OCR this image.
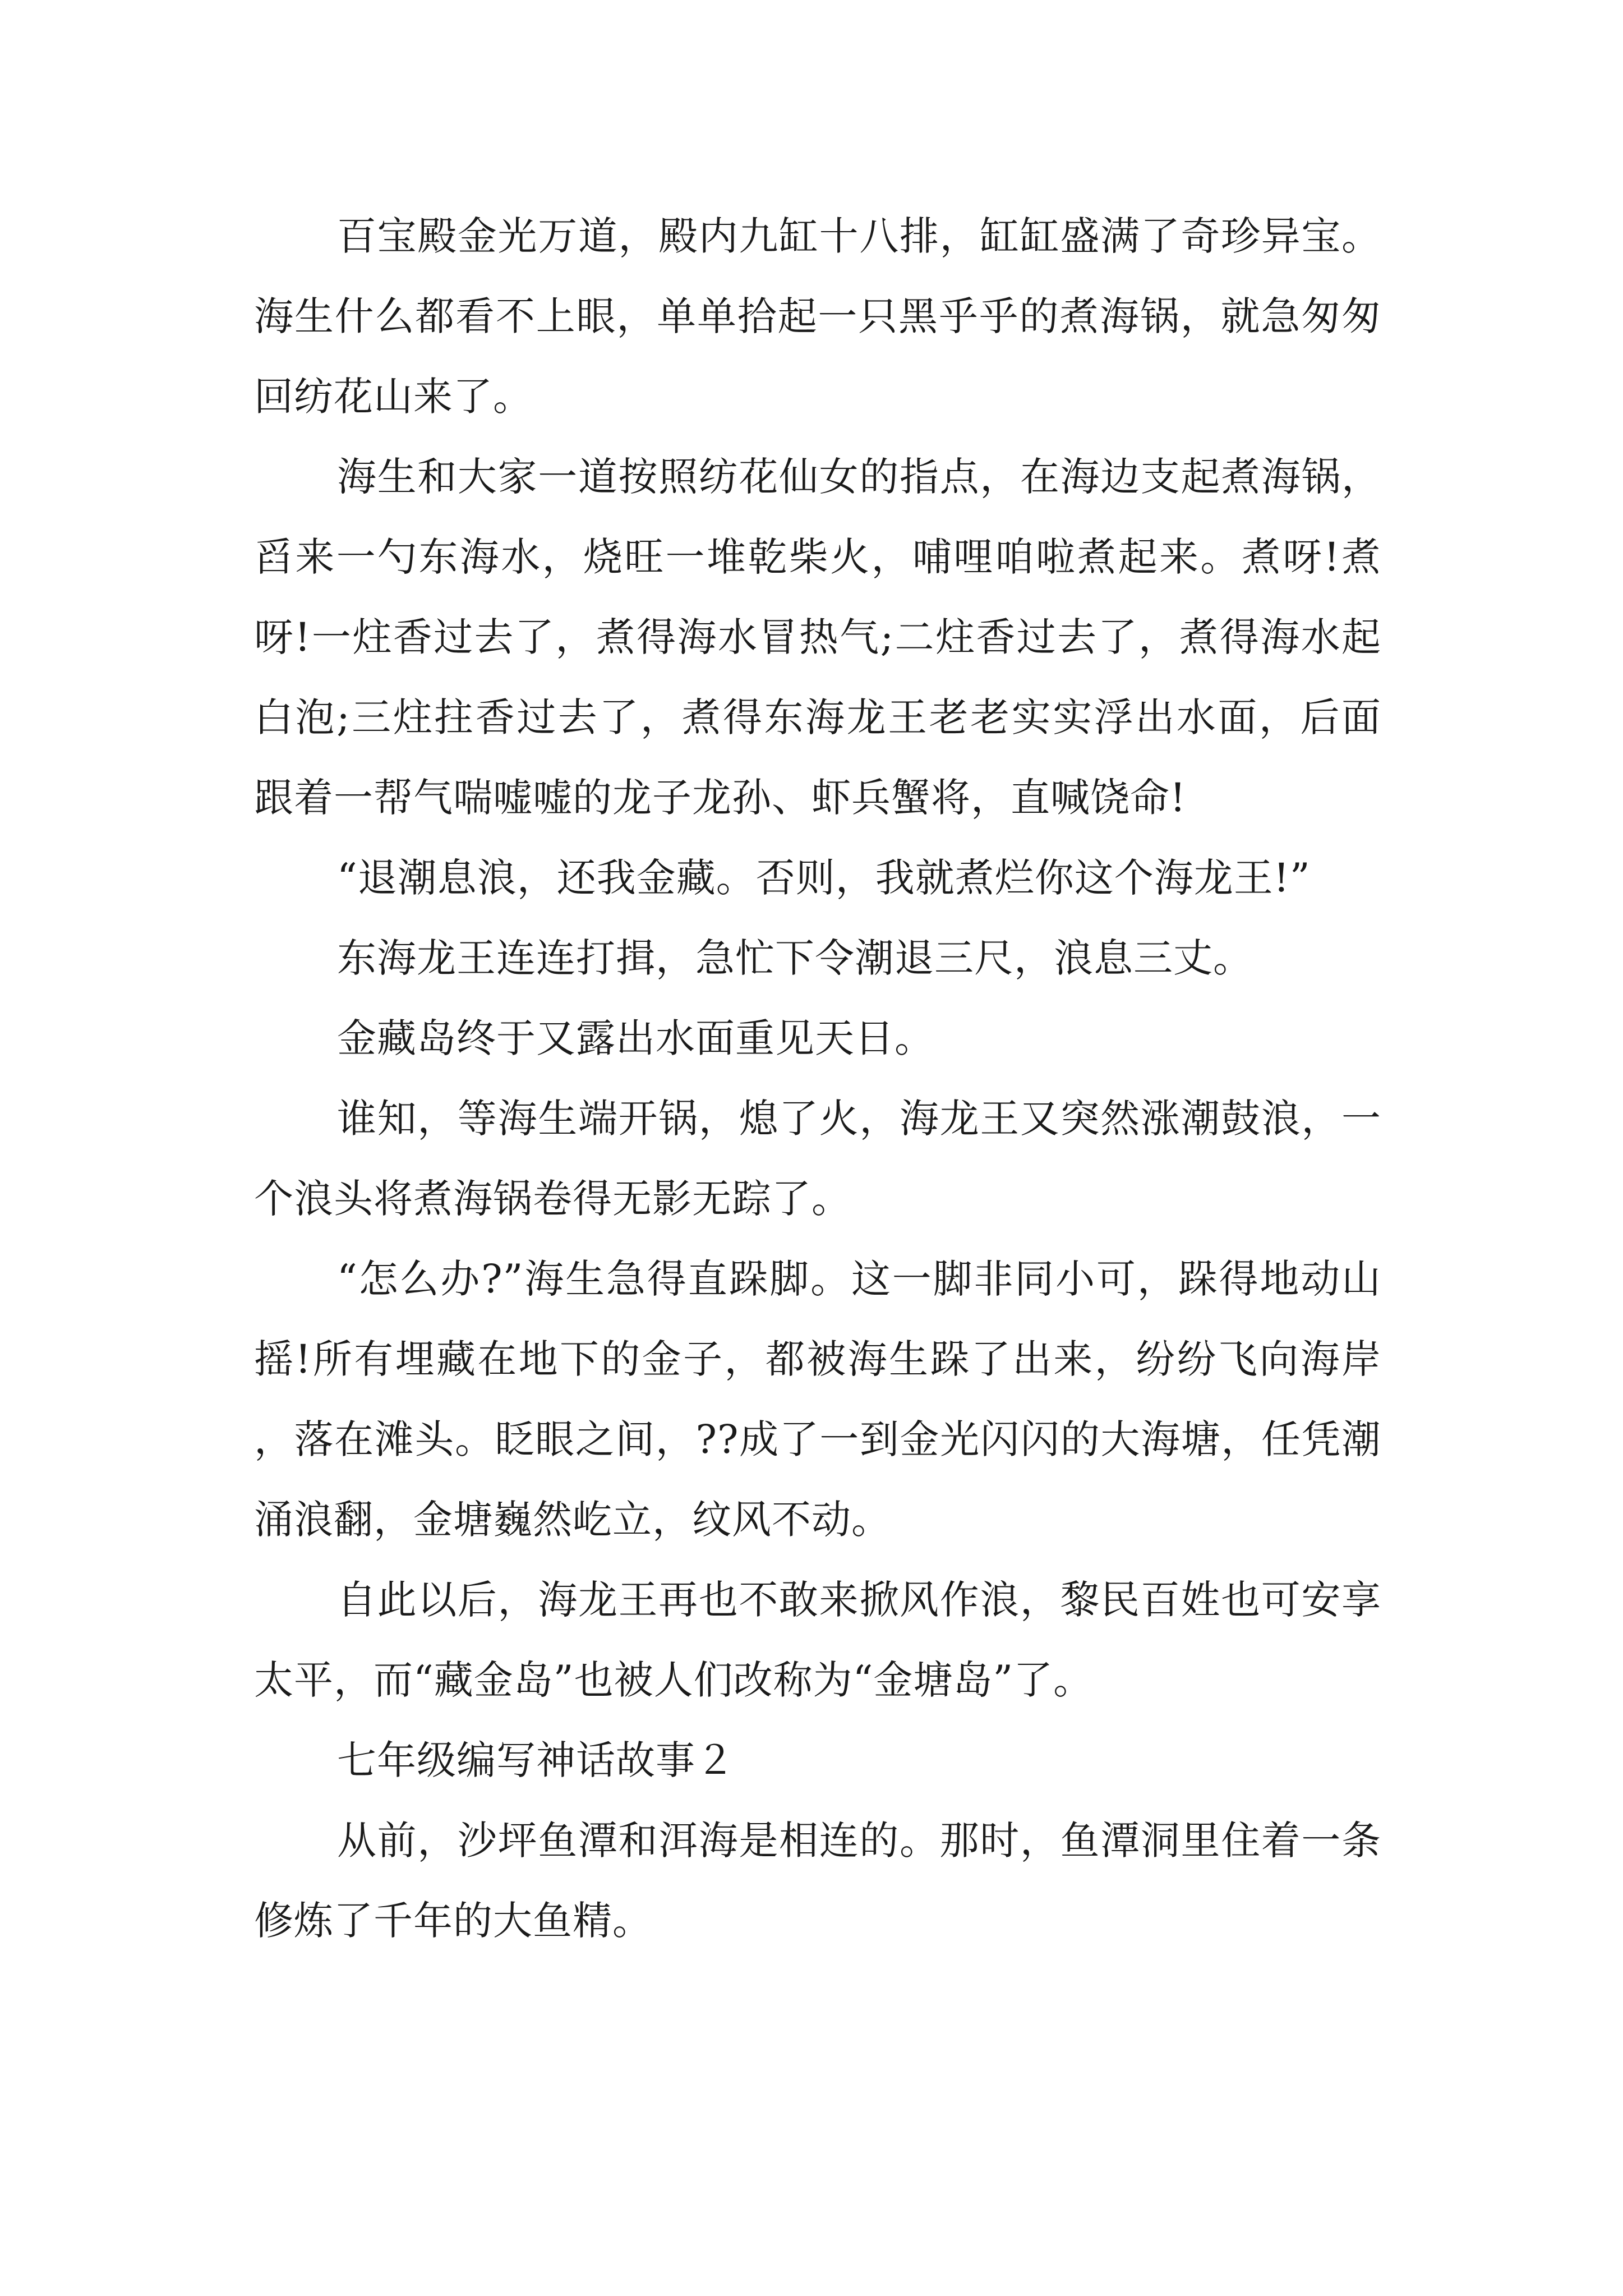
百宝殿金光万道，殿内九缸十八排，缸缸盛满了奇珍异宝。海生什么都看不上眼，单单拾起一只黑乎乎的煮海锅，就急匆匆回纺花山来了。

海生和大家一道按照纺花仙女的指点，在海边支起煮海锅，舀来一勺东海水，烧旺一堆乾柴火，哺哩咱啦煮起来。煮呀!煮呀!一炷香过去了，煮得海水冒热气;二炷香过去了，煮得海水起白泡;三炷拄香过去了，煮得东海龙王老老实实浮出水面，后面跟着一帮气喘嘘嘘的龙子龙孙、虾兵蟹将，直喊饶命!

“退潮息浪，还我金藏。否则，我就煮烂你这个海龙王!”

东海龙王连连打揖，急忙下令潮退三尺，浪息三丈。

金藏岛终于又露出水面重见天日。

谁知，等海生端开锅，熄了火，海龙王又突然涨潮鼓浪，一个浪头将煮海锅卷得无影无踪了。

“怎么办?”海生急得直跺脚。这一脚非同小可，跺得地动山摇!所有埋藏在地下的金子，都被海生跺了出来，纷纷飞向海岸，落在滩头。眨眼之间，??成了一到金光闪闪的大海塘，任凭潮涌浪翻，金塘巍然屹立，纹风不动。

自此以后，海龙王再也不敢来掀风作浪，黎民百姓也可安享太平，而“藏金岛”也被人们改称为“金塘岛”了。

七年级编写神话故事２

从前，沙坪鱼潭和洱海是相连的。那时，鱼潭洞里住着一条修炼了千年的大鱼精。
